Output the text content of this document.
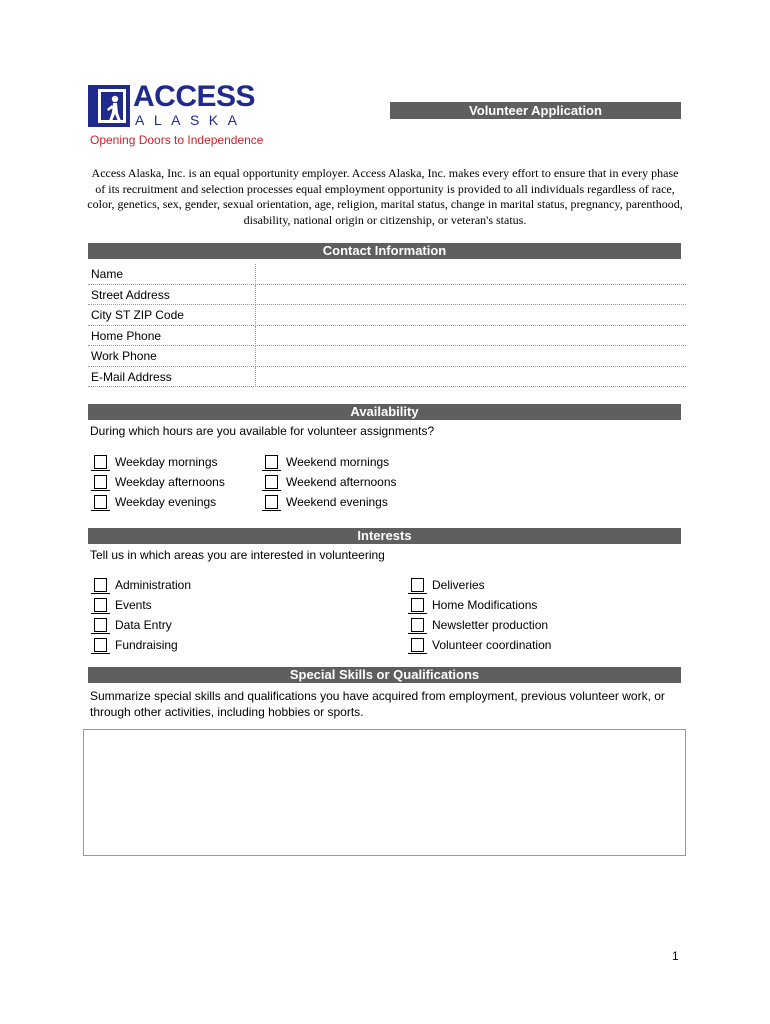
ACCESS
ALASKA
Opening Doors to Independence
Volunteer Application
Access Alaska, Inc. is an equal opportunity employer. Access Alaska, Inc. makes every effort to ensure that in every phase of its recruitment and selection processes equal employment opportunity is provided to all individuals regardless of race, color, genetics, sex, gender, sexual orientation, age, religion, marital status, change in marital status, pregnancy, parenthood, disability, national origin or citizenship, or veteran's status.
Contact Information
Name
Street Address
City ST ZIP Code
Home Phone
Work Phone
E-Mail Address
Availability
During which hours are you available for volunteer assignments?
Weekday mornings
Weekday afternoons
Weekday evenings
Weekend mornings
Weekend afternoons
Weekend evenings
Interests
Tell us in which areas you are interested in volunteering
Administration
Events
Data Entry
Fundraising
Deliveries
Home Modifications
Newsletter production
Volunteer coordination
Special Skills or Qualifications
Summarize special skills and qualifications you have acquired from employment, previous volunteer work, or through other activities, including hobbies or sports.
1
